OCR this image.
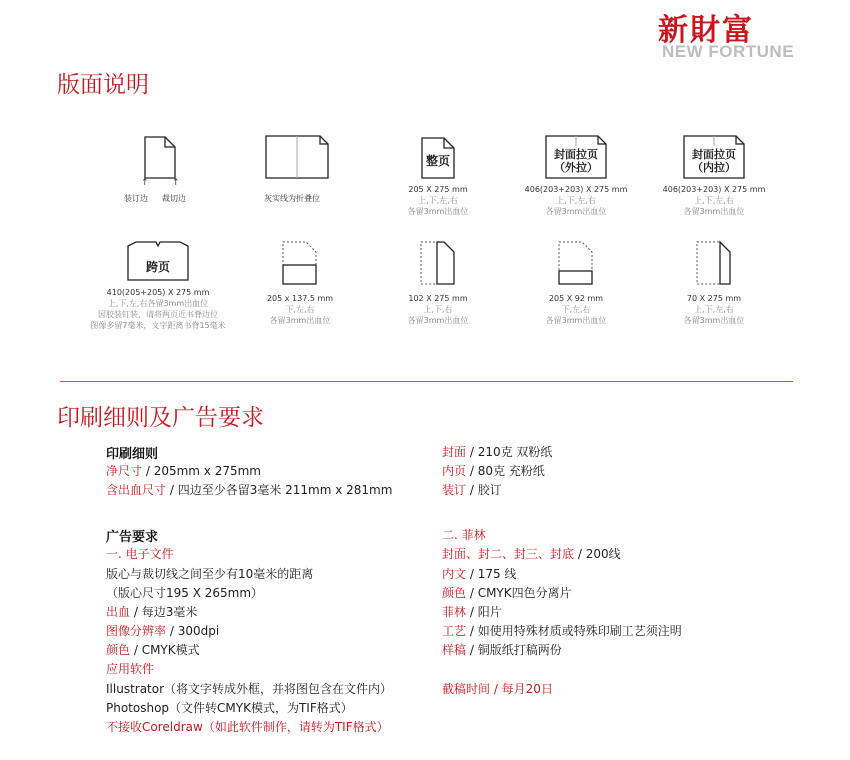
新財富
NEW FORTUNE
版面说明
↑	↑
装订边 裁切边	灰实线为折叠位
整页
205 X 275 mm
上,下,左,右
各留3mm出血位
封面拉页
（外拉）
406(203+203) X 275 mm
上,下,左,右
各留3mm出血位
封面拉页
（内拉）
406(203+203) X 275 mm
上,下,左,右
各留3mm出血位
跨页
410(205+205) X 275 mm
上,下,左,右各留3mm出血位
因胶装钉装，请将两页近书脊边位
图像多留7毫米，文字距离书脊15毫米
205 x 137.5 mm
下,左,右
各留3mm出血位
102 X 275 mm
上,下,右
各留3mm出血位
205 X 92 mm
下,左,右
各留3mm出血位
70 X 275 mm
上,下,左,右
各留3mm出血位
印刷细则及广告要求
印刷细则
净尺寸 / 205mm x 275mm
含出血尺寸 / 四边至少各留3毫米 211mm x 281mm
广告要求
一. 电子文件
版心与裁切线之间至少有10毫米的距离
（版心尺寸195 X 265mm）
出血 / 每边3毫米
图像分辨率 / 300dpi
颜色 / CMYK模式
应用软件
Illustrator（将文字转成外框，并将图包含在文件内）
Photoshop（文件转CMYK模式，为TIF格式）
不接收Coreldraw（如此软件制作，请转为TIF格式）
封面 / 210克 双粉纸
内页 / 80克 充粉纸
装订 / 胶订
二. 菲林
封面、封二、封三、封底 / 200线
内文 / 175 线
颜色 / CMYK四色分离片
菲林 / 阳片
工艺 / 如使用特殊材质或特殊印刷工艺须注明
样稿 / 铜版纸打稿两份
截稿时间 / 每月20日
